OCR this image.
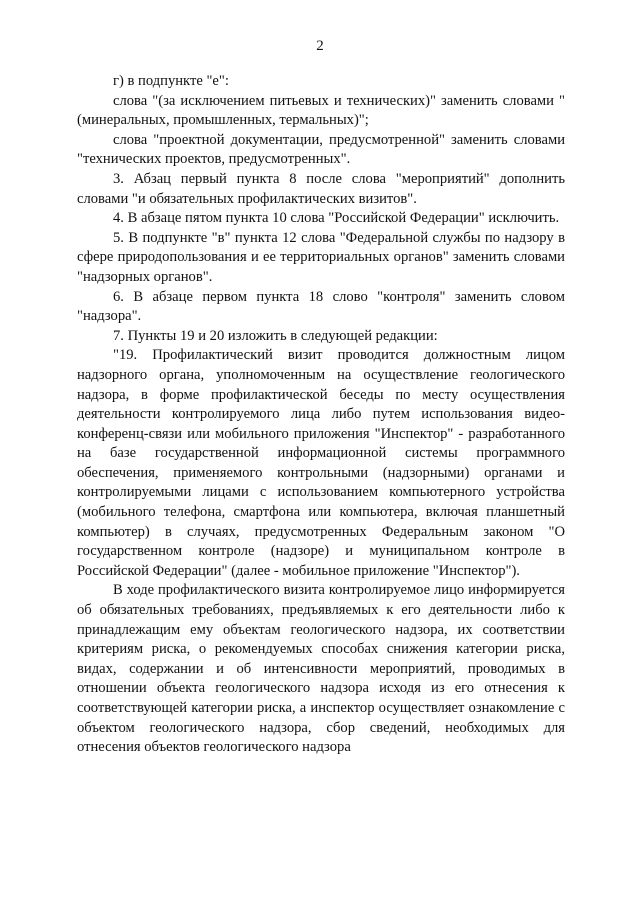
2

г) в подпункте "е":

слова "(за исключением питьевых и технических)" заменить словами "(минеральных, промышленных, термальных)";

слова "проектной документации, предусмотренной" заменить словами "технических проектов, предусмотренных".

3. Абзац первый пункта 8 после слова "мероприятий" дополнить словами "и обязательных профилактических визитов".

4. В абзаце пятом пункта 10 слова "Российской Федерации" исключить.

5. В подпункте "в" пункта 12 слова "Федеральной службы по надзору в сфере природопользования и ее территориальных органов" заменить словами "надзорных органов".

6. В абзаце первом пункта 18 слово "контроля" заменить словом "надзора".

7. Пункты 19 и 20 изложить в следующей редакции:

"19. Профилактический визит проводится должностным лицом надзорного органа, уполномоченным на осуществление геологического надзора, в форме профилактической беседы по месту осуществления деятельности контролируемого лица либо путем использования видео-конференц-связи или мобильного приложения "Инспектор" - разработанного на базе государственной информационной системы программного обеспечения, применяемого контрольными (надзорными) органами и контролируемыми лицами с использованием компьютерного устройства (мобильного телефона, смартфона или компьютера, включая планшетный компьютер) в случаях, предусмотренных Федеральным законом "О государственном контроле (надзоре) и муниципальном контроле в Российской Федерации" (далее - мобильное приложение "Инспектор").

В ходе профилактического визита контролируемое лицо информируется об обязательных требованиях, предъявляемых к его деятельности либо к принадлежащим ему объектам геологического надзора, их соответствии критериям риска, о рекомендуемых способах снижения категории риска, видах, содержании и об интенсивности мероприятий, проводимых в отношении объекта геологического надзора исходя из его отнесения к соответствующей категории риска, а инспектор осуществляет ознакомление с объектом геологического надзора, сбор сведений, необходимых для отнесения объектов геологического надзора
